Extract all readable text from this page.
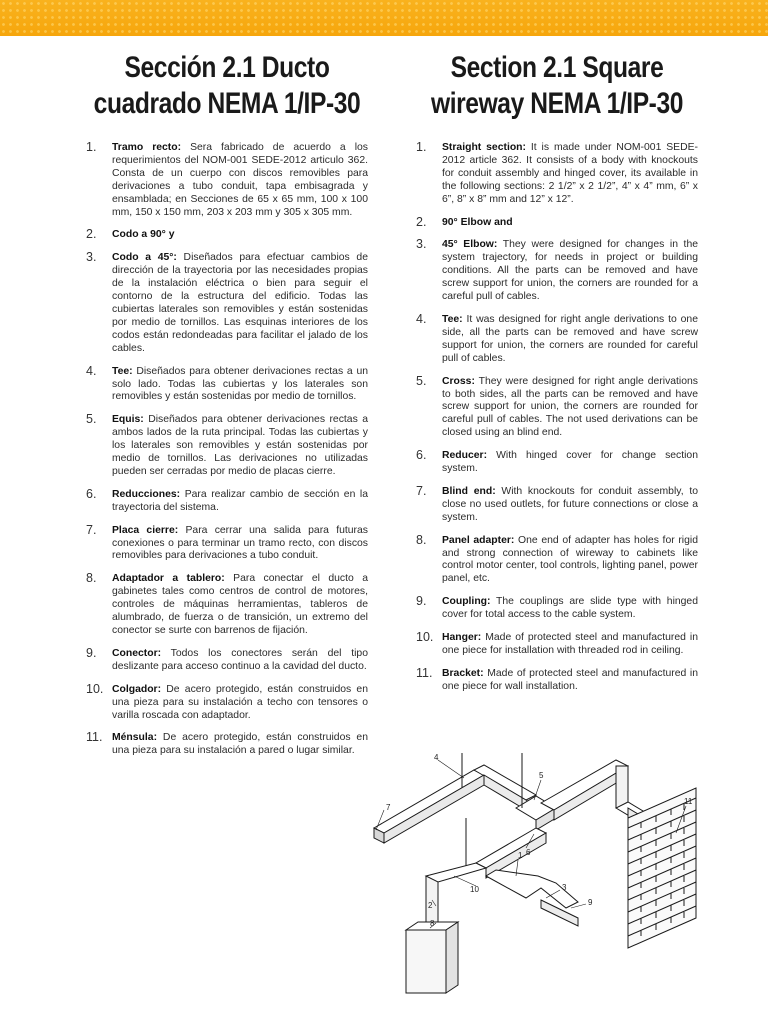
Sección 2.1 Ducto
cuadrado NEMA 1/IP-30
1. Tramo recto: Sera fabricado de acuerdo a los requerimientos del NOM-001 SEDE-2012 articulo 362. Consta de un cuerpo con discos removibles para derivaciones a tubo conduit, tapa embisagrada y ensamblada; en Secciones de 65 x 65 mm, 100 x 100 mm, 150 x 150 mm, 203 x 203 mm y 305 x 305 mm.
2. Codo a 90° y
3. Codo a 45°: Diseñados para efectuar cambios de dirección de la trayectoria por las necesidades propias de la instalación eléctrica o bien para seguir el contorno de la estructura del edificio. Todas las cubiertas laterales son removibles y están sostenidas por medio de tornillos. Las esquinas interiores de los codos están redondeadas para facilitar el jalado de los cables.
4. Tee: Diseñados para obtener derivaciones rectas a un solo lado. Todas las cubiertas y los laterales son removibles y están sostenidas por medio de tornillos.
5. Equis: Diseñados para obtener derivaciones rectas a ambos lados de la ruta principal. Todas las cubiertas y los laterales son removibles y están sostenidas por medio de tornillos. Las derivaciones no utilizadas pueden ser cerradas por medio de placas cierre.
6. Reducciones: Para realizar cambio de sección en la trayectoria del sistema.
7. Placa cierre: Para cerrar una salida para futuras conexiones o para terminar un tramo recto, con discos removibles para derivaciones a tubo conduit.
8. Adaptador a tablero: Para conectar el ducto a gabinetes tales como centros de control de motores, controles de máquinas herramientas, tableros de alumbrado, de fuerza o de transición, un extremo del conector se surte con barrenos de fijación.
9. Conector: Todos los conectores serán del tipo deslizante para acceso continuo a la cavidad del ducto.
10. Colgador: De acero protegido, están construidos en una pieza para su instalación a techo con tensores o varilla roscada con adaptador.
11. Ménsula: De acero protegido, están construidos en una pieza para su instalación a pared o lugar similar.
Section 2.1 Square
wireway NEMA 1/IP-30
1. Straight section: It is made under NOM-001 SEDE-2012 article 362. It consists of a body with knockouts for conduit assembly and hinged cover, its available in the following sections: 2 1/2” x 2 1/2”, 4” x 4” mm, 6” x 6”, 8” x 8” mm and 12” x 12”.
2. 90° Elbow and
3. 45° Elbow: They were designed for changes in the system trajectory, for needs in project or building conditions. All the parts can be removed and have screw support for union, the corners are rounded for a careful pull of cables.
4. Tee: It was designed for right angle derivations to one side, all the parts can be removed and have screw support for union, the corners are rounded for careful pull of cables.
5. Cross: They were designed for right angle derivations to both sides, all the parts can be removed and have screw support for union, the corners are rounded for careful pull of cables. The not used derivations can be closed using an blind end.
6. Reducer: With hinged cover for change section system.
7. Blind end: With knockouts for conduit assembly, to close no used outlets, for future connections or close a system.
8. Panel adapter: One end of adapter has holes for rigid and strong connection of wireway to cabinets like control motor center, tool controls, lighting panel, power panel, etc.
9. Coupling: The couplings are slide type with hinged cover for total access to the cable system.
10. Hanger: Made of protected steel and manufactured in one piece for installation with threaded rod in ceiling.
11. Bracket: Made of protected steel and manufactured in one piece for wall installation.
4
5
7
11
6
1
10
2
3
8
9
